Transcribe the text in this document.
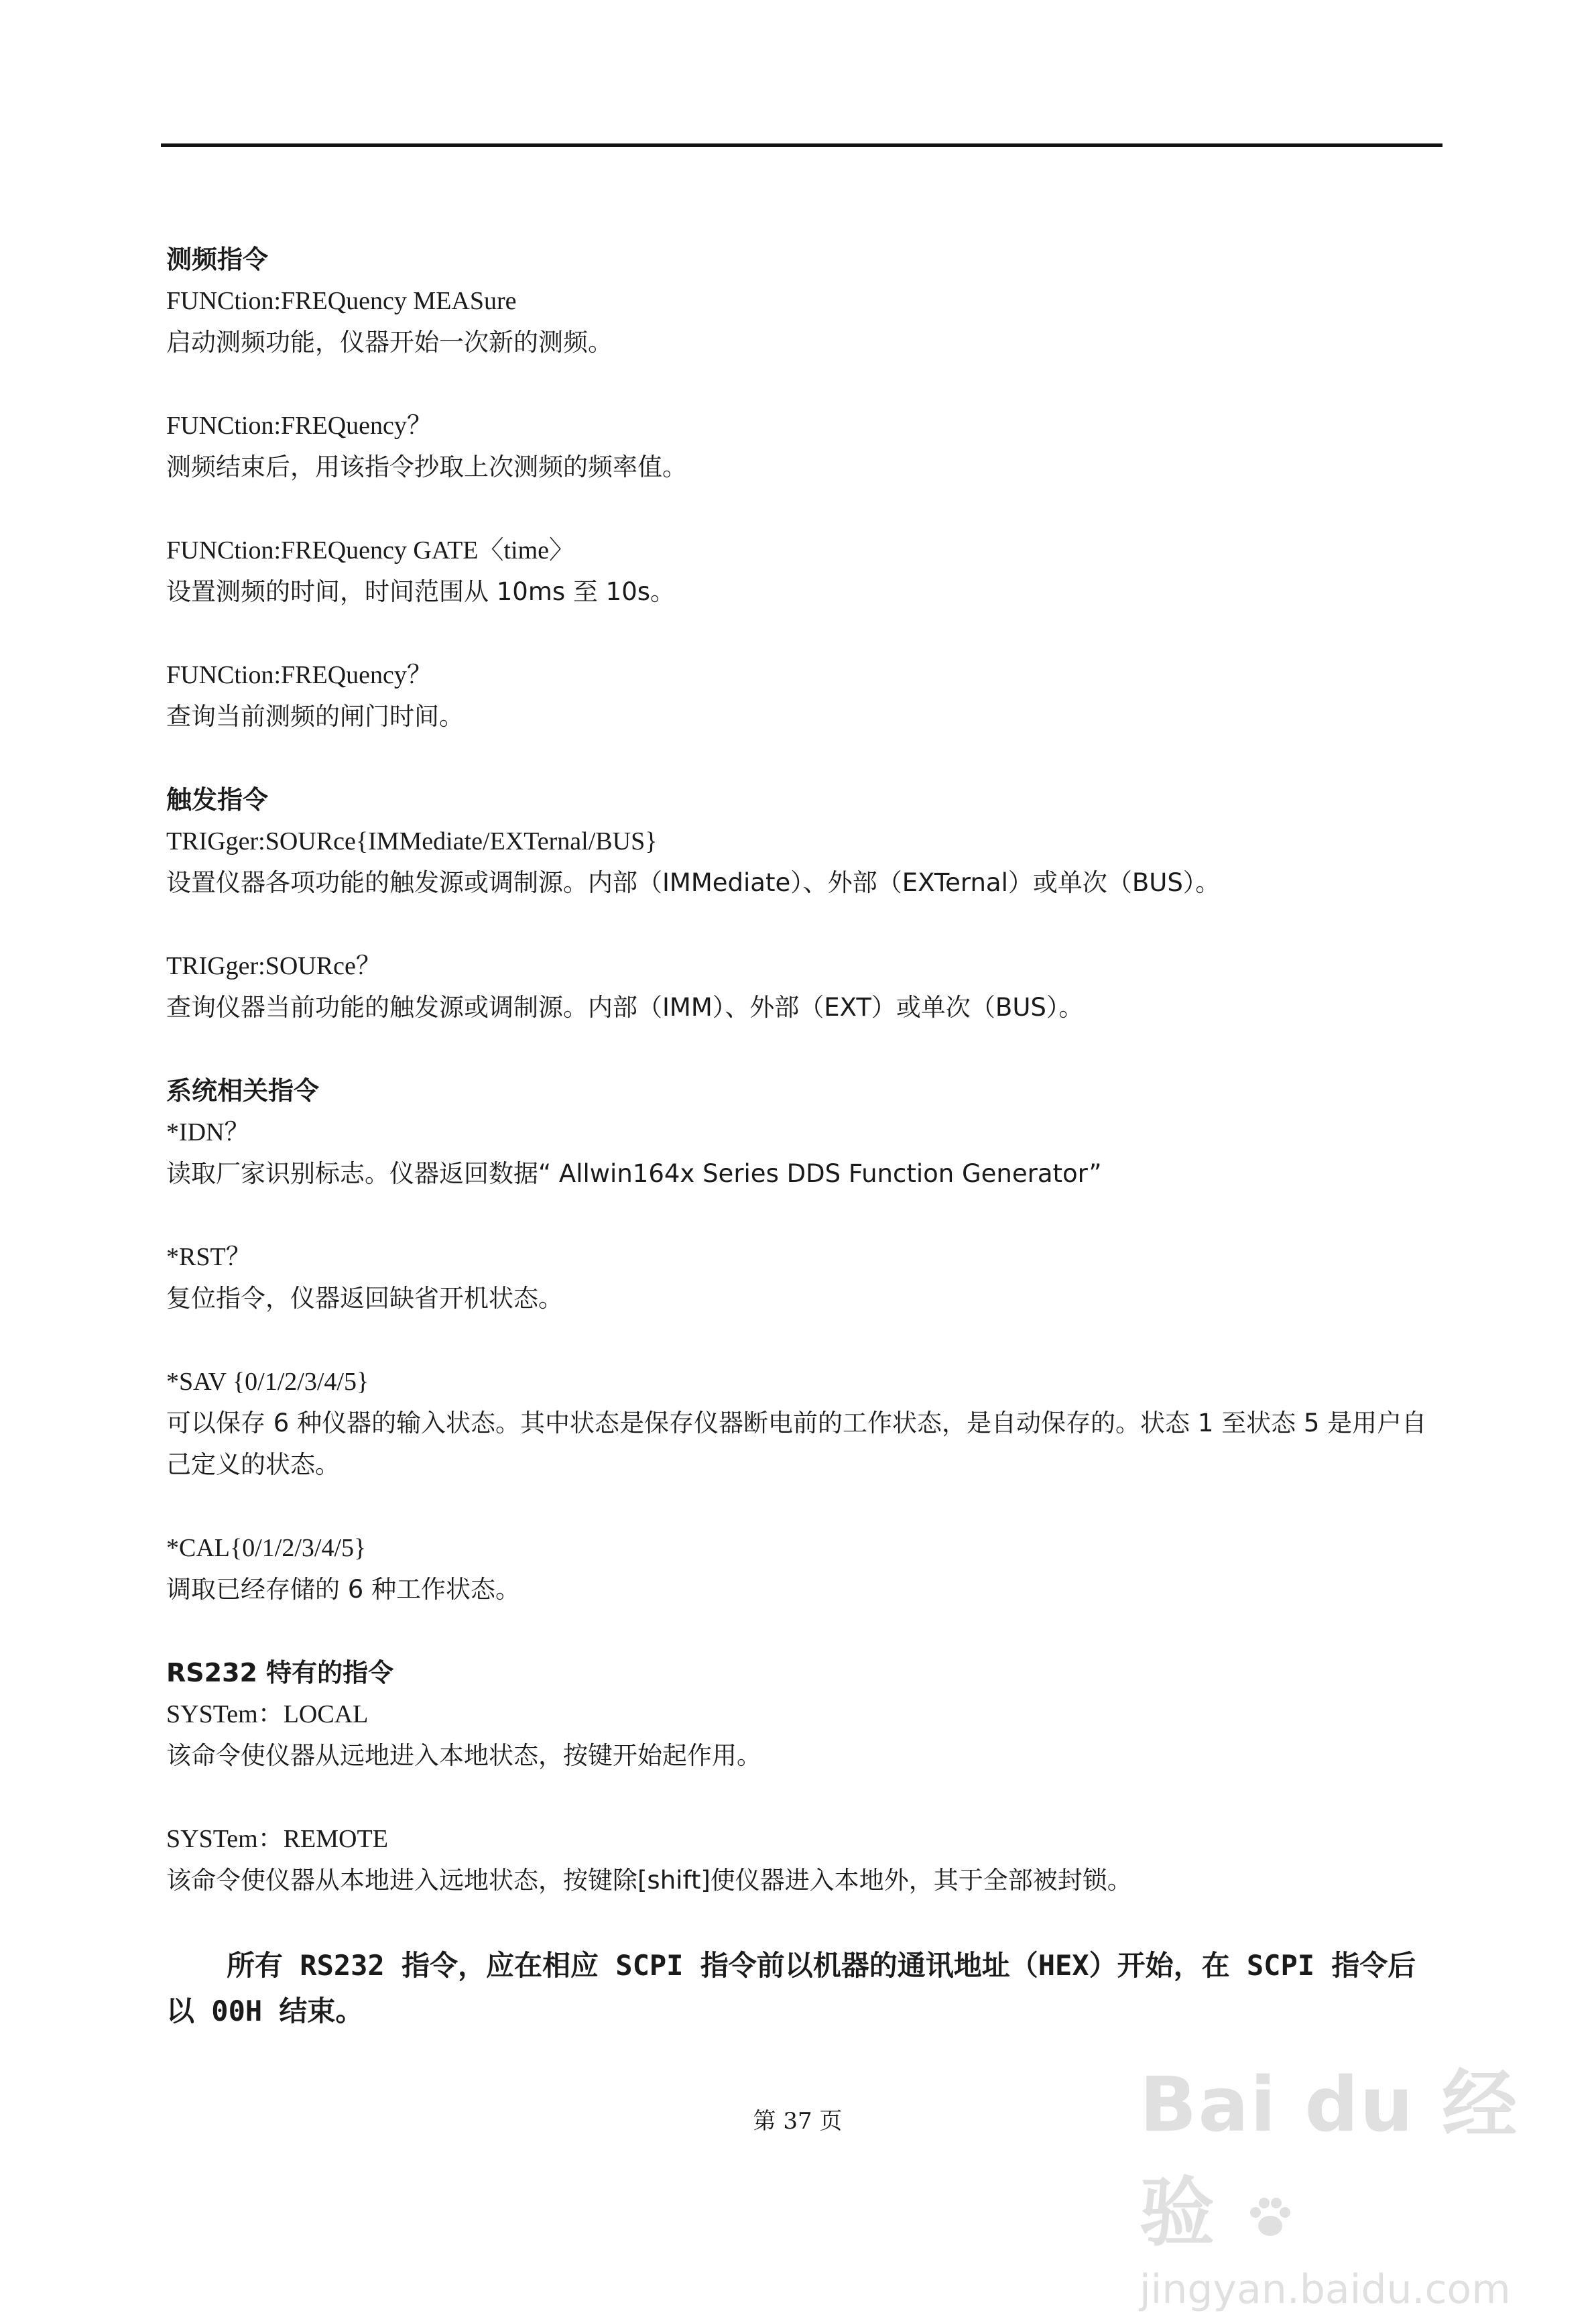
测频指令
FUNCtion:FREQuency MEASure
启动测频功能，仪器开始一次新的测频。
FUNCtion:FREQuency？
测频结束后，用该指令抄取上次测频的频率值。
FUNCtion:FREQuency GATE〈time〉
设置测频的时间，时间范围从 10ms 至 10s。
FUNCtion:FREQuency？
查询当前测频的闸门时间。
触发指令
TRIGger:SOURce{IMMediate/EXTernal/BUS}
设置仪器各项功能的触发源或调制源。内部（IMMediate）、外部（EXTernal）或单次（BUS）。
TRIGger:SOURce？
查询仪器当前功能的触发源或调制源。内部（IMM）、外部（EXT）或单次（BUS）。
系统相关指令
*IDN？
读取厂家识别标志。仪器返回数据“ Allwin164x Series DDS Function Generator”
*RST？
复位指令，仪器返回缺省开机状态。
*SAV {0/1/2/3/4/5}
可以保存 6 种仪器的输入状态。其中状态是保存仪器断电前的工作状态，是自动保存的。状态 1 至状态 5 是用户自己定义的状态。
*CAL{0/1/2/3/4/5}
调取已经存储的 6 种工作状态。
RS232 特有的指令
SYSTem：LOCAL
该命令使仪器从远地进入本地状态，按键开始起作用。
SYSTem：REMOTE
该命令使仪器从本地进入远地状态，按键除[shift]使仪器进入本地外，其于全部被封锁。
所有 RS232 指令，应在相应 SCPI 指令前以机器的通讯地址（HEX）开始，在 SCPI 指令后以 00H 结束。
第 37 页	Bai du 经验
jingyan.baidu.com
